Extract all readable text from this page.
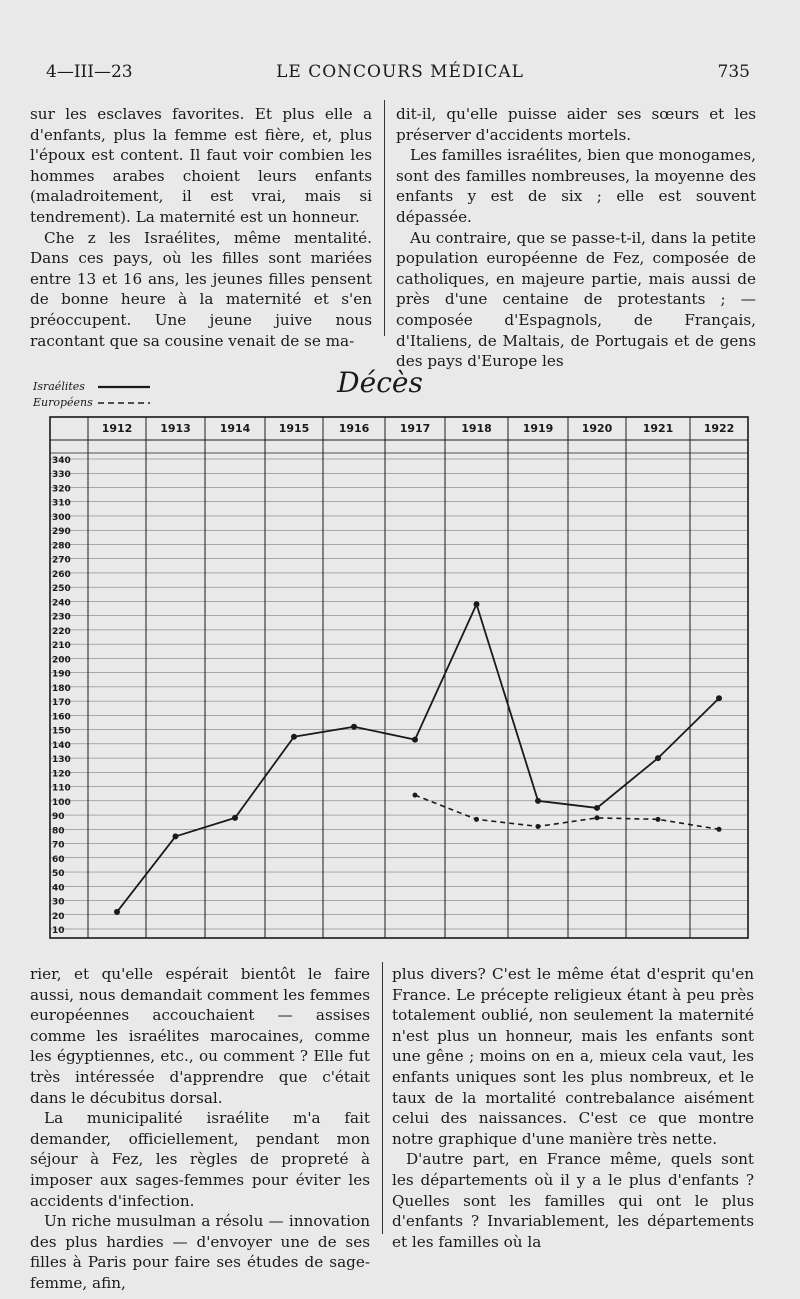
4—III—23	LE CONCOURS MÉDICAL	735

sur les esclaves favorites. Et plus elle a d'enfants, plus la femme est fière, et, plus l'époux est content. Il faut voir combien les hommes arabes choient leurs enfants (maladroitement, il est vrai, mais si tendrement). La maternité est un honneur.

Che z les Israélites, même mentalité. Dans ces pays, où les filles sont mariées entre 13 et 16 ans, les jeunes filles pensent de bonne heure à la maternité et s'en préoccupent. Une jeune juive nous racontant que sa cousine venait de se ma-

dit-il, qu'elle puisse aider ses sœurs et les préserver d'accidents mortels.

Les familles israélites, bien que monogames, sont des familles nombreuses, la moyenne des enfants y est de six ; elle est souvent dépassée.

Au contraire, que se passe-t-il, dans la petite population européenne de Fez, composée de catholiques, en majeure partie, mais aussi de près d'une centaine de protestants ; — composée d'Espagnols, de Français, d'Italiens, de Maltais, de Portugais et de gens des pays d'Europe les

Décès
Israélites
Européens
1912	1913	1914	1915	1916	1917	1918	1919	1920	1921	1922
340
330
320
310
300
290
280
270
260
250
240
230
220
210
200
190
180
170
160
150
140
130
120
110
100
90
80
70
60
50
40
30
20
10

rier, et qu'elle espérait bientôt le faire aussi, nous demandait comment les femmes européennes accouchaient — assises comme les israélites marocaines, comme les égyptiennes, etc., ou comment ? Elle fut très intéressée d'apprendre que c'était dans le décubitus dorsal.

La municipalité israélite m'a fait demander, officiellement, pendant mon séjour à Fez, les règles de propreté à imposer aux sages-femmes pour éviter les accidents d'infection.

Un riche musulman a résolu — innovation des plus hardies — d'envoyer une de ses filles à Paris pour faire ses études de sage-femme, afin,

plus divers? C'est le même état d'esprit qu'en France. Le précepte religieux étant à peu près totalement oublié, non seulement la maternité n'est plus un honneur, mais les enfants sont une gêne ; moins on en a, mieux cela vaut, les enfants uniques sont les plus nombreux, et le taux de la mortalité contrebalance aisément celui des naissances. C'est ce que montre notre graphique d'une manière très nette.

D'autre part, en France même, quels sont les départements où il y a le plus d'enfants ? Quelles sont les familles qui ont le plus d'enfants ? Invariablement, les départements et les familles où la
